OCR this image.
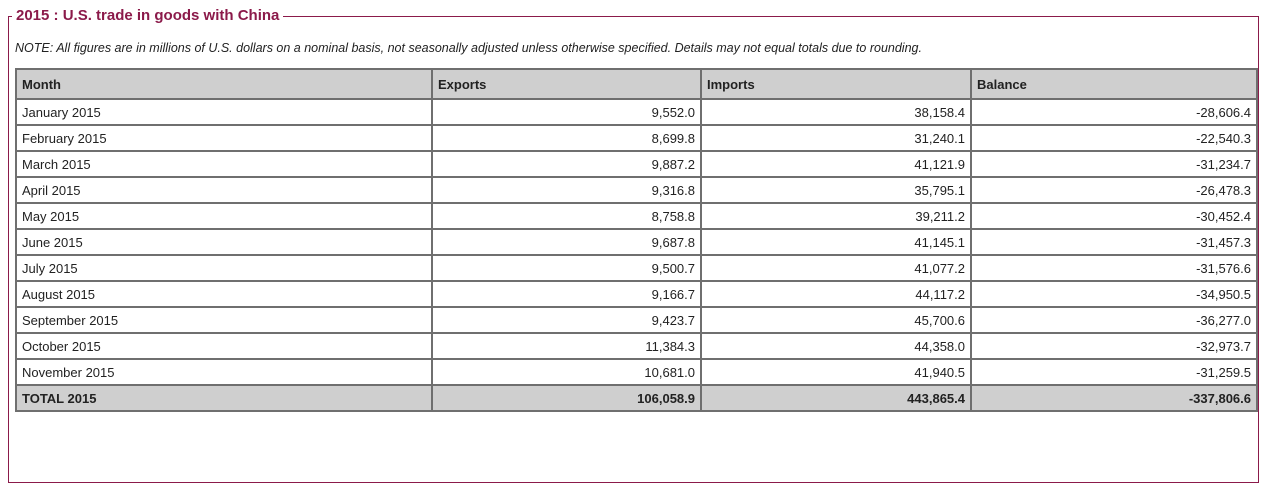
2015 : U.S. trade in goods with China
NOTE: All figures are in millions of U.S. dollars on a nominal basis, not seasonally adjusted unless otherwise specified. Details may not equal totals due to rounding.
Month	Exports	Imports	Balance
January 2015	9,552.0	38,158.4	-28,606.4
February 2015	8,699.8	31,240.1	-22,540.3
March 2015	9,887.2	41,121.9	-31,234.7
April 2015	9,316.8	35,795.1	-26,478.3
May 2015	8,758.8	39,211.2	-30,452.4
June 2015	9,687.8	41,145.1	-31,457.3
July 2015	9,500.7	41,077.2	-31,576.6
August 2015	9,166.7	44,117.2	-34,950.5
September 2015	9,423.7	45,700.6	-36,277.0
October 2015	11,384.3	44,358.0	-32,973.7
November 2015	10,681.0	41,940.5	-31,259.5
TOTAL 2015	106,058.9	443,865.4	-337,806.6
